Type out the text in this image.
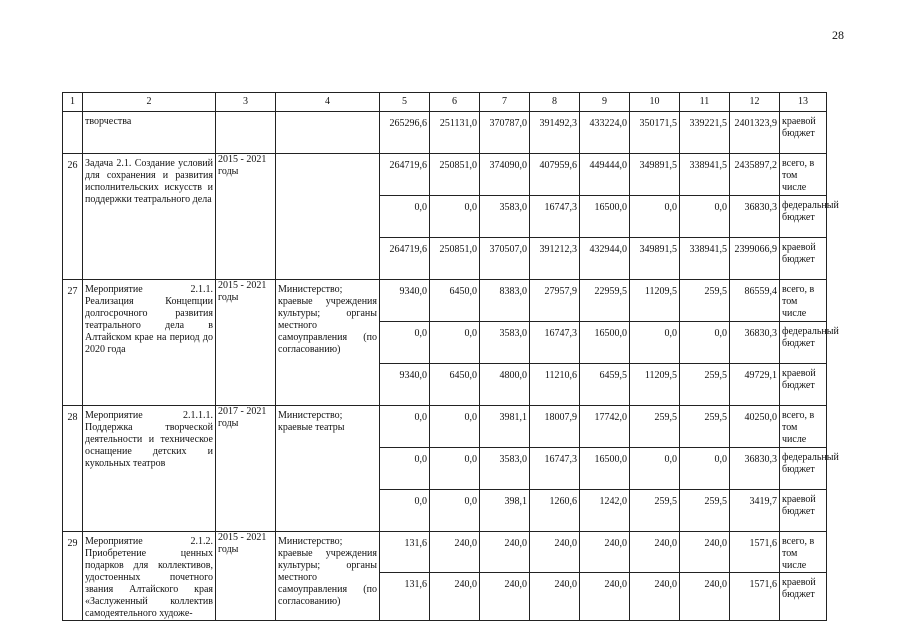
28
1	2	3	4	5	6	7	8	9	10	11	12	13
	творчества			265296,6	251131,0	370787,0	391492,3	433224,0	350171,5	339221,5	2401323,9	краевой бюджет
26	Задача 2.1. Создание условий для сохранения и развития исполнительских искусств и поддержки театрального дела	2015 - 2021 годы		264719,6	250851,0	374090,0	407959,6	449444,0	349891,5	338941,5	2435897,2	всего, в том числе
				0,0	0,0	3583,0	16747,3	16500,0	0,0	0,0	36830,3	федеральный бюджет
				264719,6	250851,0	370507,0	391212,3	432944,0	349891,5	338941,5	2399066,9	краевой бюджет
27	Мероприятие 2.1.1. Реализация Концепции долгосрочного развития театрального дела в Алтайском крае на период до 2020 года	2015 - 2021 годы	Министерство; краевые учреждения культуры; органы местного самоуправления (по согласованию)	9340,0	6450,0	8383,0	27957,9	22959,5	11209,5	259,5	86559,4	всего, в том числе
				0,0	0,0	3583,0	16747,3	16500,0	0,0	0,0	36830,3	федеральный бюджет
				9340,0	6450,0	4800,0	11210,6	6459,5	11209,5	259,5	49729,1	краевой бюджет
28	Мероприятие 2.1.1.1. Поддержка творческой деятельности и техническое оснащение детских и кукольных театров	2017 - 2021 годы	Министерство; краевые театры	0,0	0,0	3981,1	18007,9	17742,0	259,5	259,5	40250,0	всего, в том числе
				0,0	0,0	3583,0	16747,3	16500,0	0,0	0,0	36830,3	федеральный бюджет
				0,0	0,0	398,1	1260,6	1242,0	259,5	259,5	3419,7	краевой бюджет
29	Мероприятие 2.1.2. Приобретение ценных подарков для коллективов, удостоенных почетного звания Алтайского края «Заслуженный коллектив самодеятельного художе-	2015 - 2021 годы	Министерство; краевые учреждения культуры; органы местного самоуправления (по согласованию)	131,6	240,0	240,0	240,0	240,0	240,0	240,0	1571,6	всего, в том числе
				131,6	240,0	240,0	240,0	240,0	240,0	240,0	1571,6	краевой бюджет
